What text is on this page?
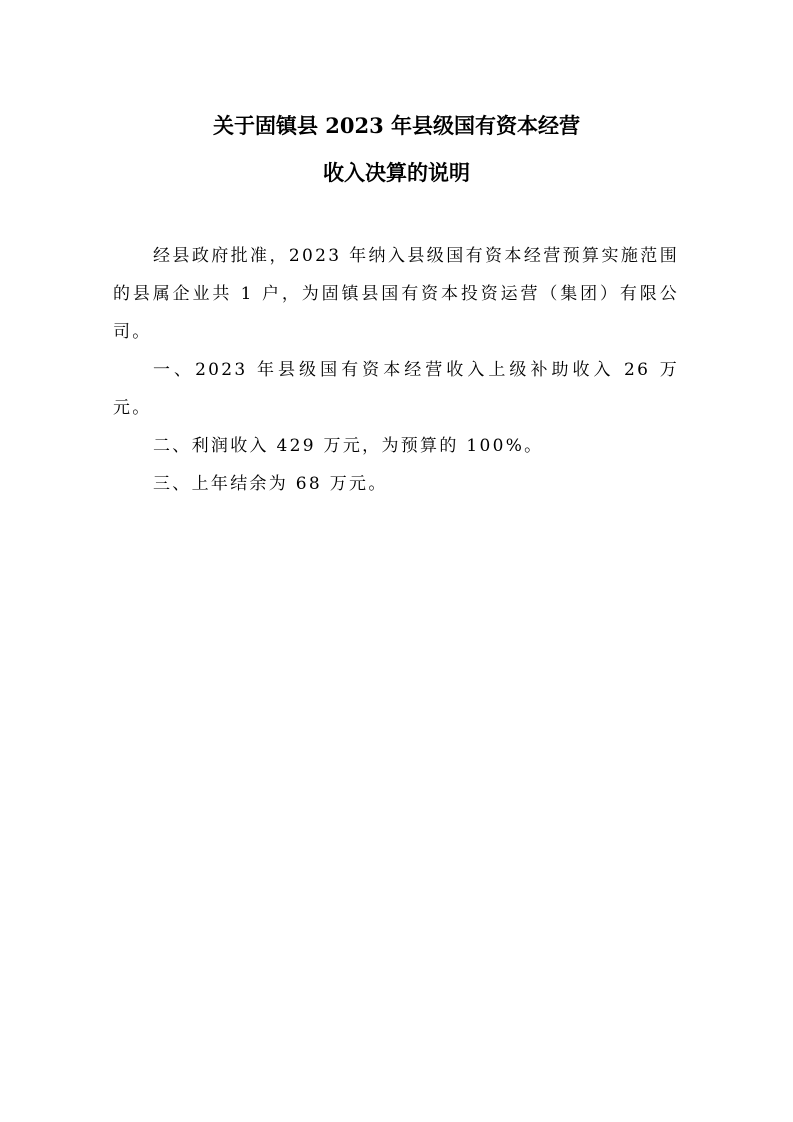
关于固镇县 2023 年县级国有资本经营
收入决算的说明

经县政府批准，2023 年纳入县级国有资本经营预算实施范围的县属企业共 1 户，为固镇县国有资本投资运营（集团）有限公司。

一、2023 年县级国有资本经营收入上级补助收入 26 万元。

二、利润收入 429 万元，为预算的 100%。

三、上年结余为 68 万元。
